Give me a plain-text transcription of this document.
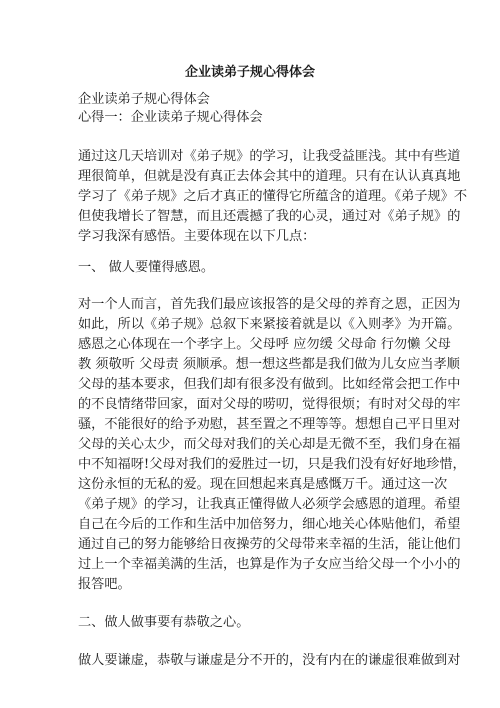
企业读弟子规心得体会

企业读弟子规心得体会

心得一：企业读弟子规心得体会

通过这几天培训对《弟子规》的学习，让我受益匪浅。其中有些道

理很简单，但就是没有真正去体会其中的道理。只有在认认真真地

学习了《弟子规》之后才真正的懂得它所蕴含的道理。《弟子规》不

但使我增长了智慧，而且还震撼了我的心灵，通过对《弟子规》的

学习我深有感悟。主要体现在以下几点：

一、 做人要懂得感恩。

对一个人而言，首先我们最应该报答的是父母的养育之恩，正因为

如此，所以《弟子规》总叙下来紧接着就是以《入则孝》为开篇。

感恩之心体现在一个孝字上。父母呼 应勿缓 父母命 行勿懒 父母

教 须敬听 父母责 须顺承。想一想这些都是我们做为儿女应当孝顺

父母的基本要求，但我们却有很多没有做到。比如经常会把工作中

的不良情绪带回家，面对父母的唠叨，觉得很烦；有时对父母的牢

骚，不能很好的给予劝慰，甚至置之不理等等。想想自己平日里对

父母的关心太少，而父母对我们的关心却是无微不至，我们身在福

中不知福呀!父母对我们的爱胜过一切，只是我们没有好好地珍惜，

这份永恒的无私的爱。现在回想起来真是感慨万千。通过这一次

《弟子规》的学习，让我真正懂得做人必须学会感恩的道理。希望

自己在今后的工作和生活中加倍努力，细心地关心体贴他们，希望

通过自己的努力能够给日夜操劳的父母带来幸福的生活，能让他们

过上一个幸福美满的生活，也算是作为子女应当给父母一个小小的

报答吧。

二、做人做事要有恭敬之心。

做人要谦虚，恭敬与谦虚是分不开的，没有内在的谦虚很难做到对
